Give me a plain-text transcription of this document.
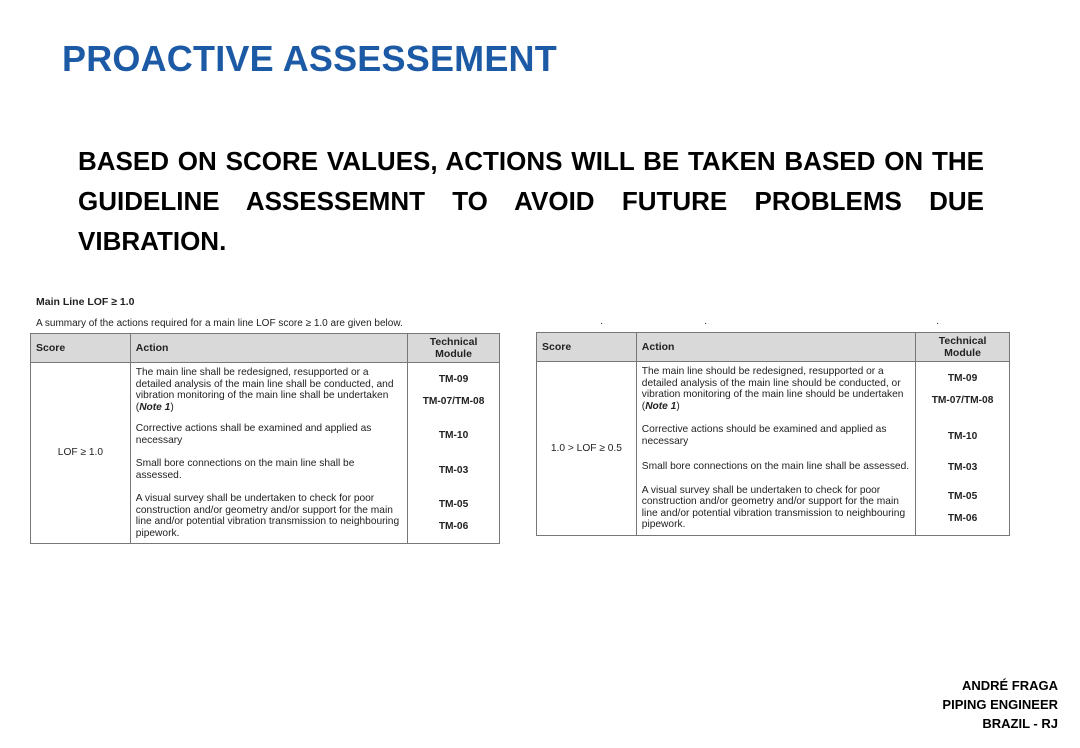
PROACTIVE ASSESSEMENT
BASED ON SCORE VALUES, ACTIONS WILL BE TAKEN BASED ON THE GUIDELINE ASSESSEMNT TO AVOID FUTURE PROBLEMS DUE VIBRATION.
Main Line LOF ≥ 1.0
A summary of the actions required for a main line LOF score ≥ 1.0 are given below.
Score	Action	Technical Module
LOF ≥ 1.0	The main line shall be redesigned, resupported or a detailed analysis of the main line shall be conducted, and vibration monitoring of the main line shall be undertaken (Note 1)	TM-09
TM-07/TM-08

	Corrective actions shall be examined and applied as necessary	TM-10

	Small bore connections on the main line shall be assessed.	TM-03

	A visual survey shall be undertaken to check for poor construction and/or geometry and/or support for the main line and/or potential vibration transmission to neighbouring pipework.	TM-05
TM-06
·	·	·
Score	Action	Technical Module
1.0 > LOF ≥ 0.5	The main line should be redesigned, resupported or a detailed analysis of the main line should be conducted, or vibration monitoring of the main line should be undertaken (Note 1)	TM-09
TM-07/TM-08

	Corrective actions should be examined and applied as necessary	TM-10

	Small bore connections on the main line shall be assessed.	TM-03

	A visual survey shall be undertaken to check for poor construction and/or geometry and/or support for the main line and/or potential vibration transmission to neighbouring pipework.	TM-05
TM-06
ANDRÉ FRAGA
PIPING ENGINEER
BRAZIL - RJ
